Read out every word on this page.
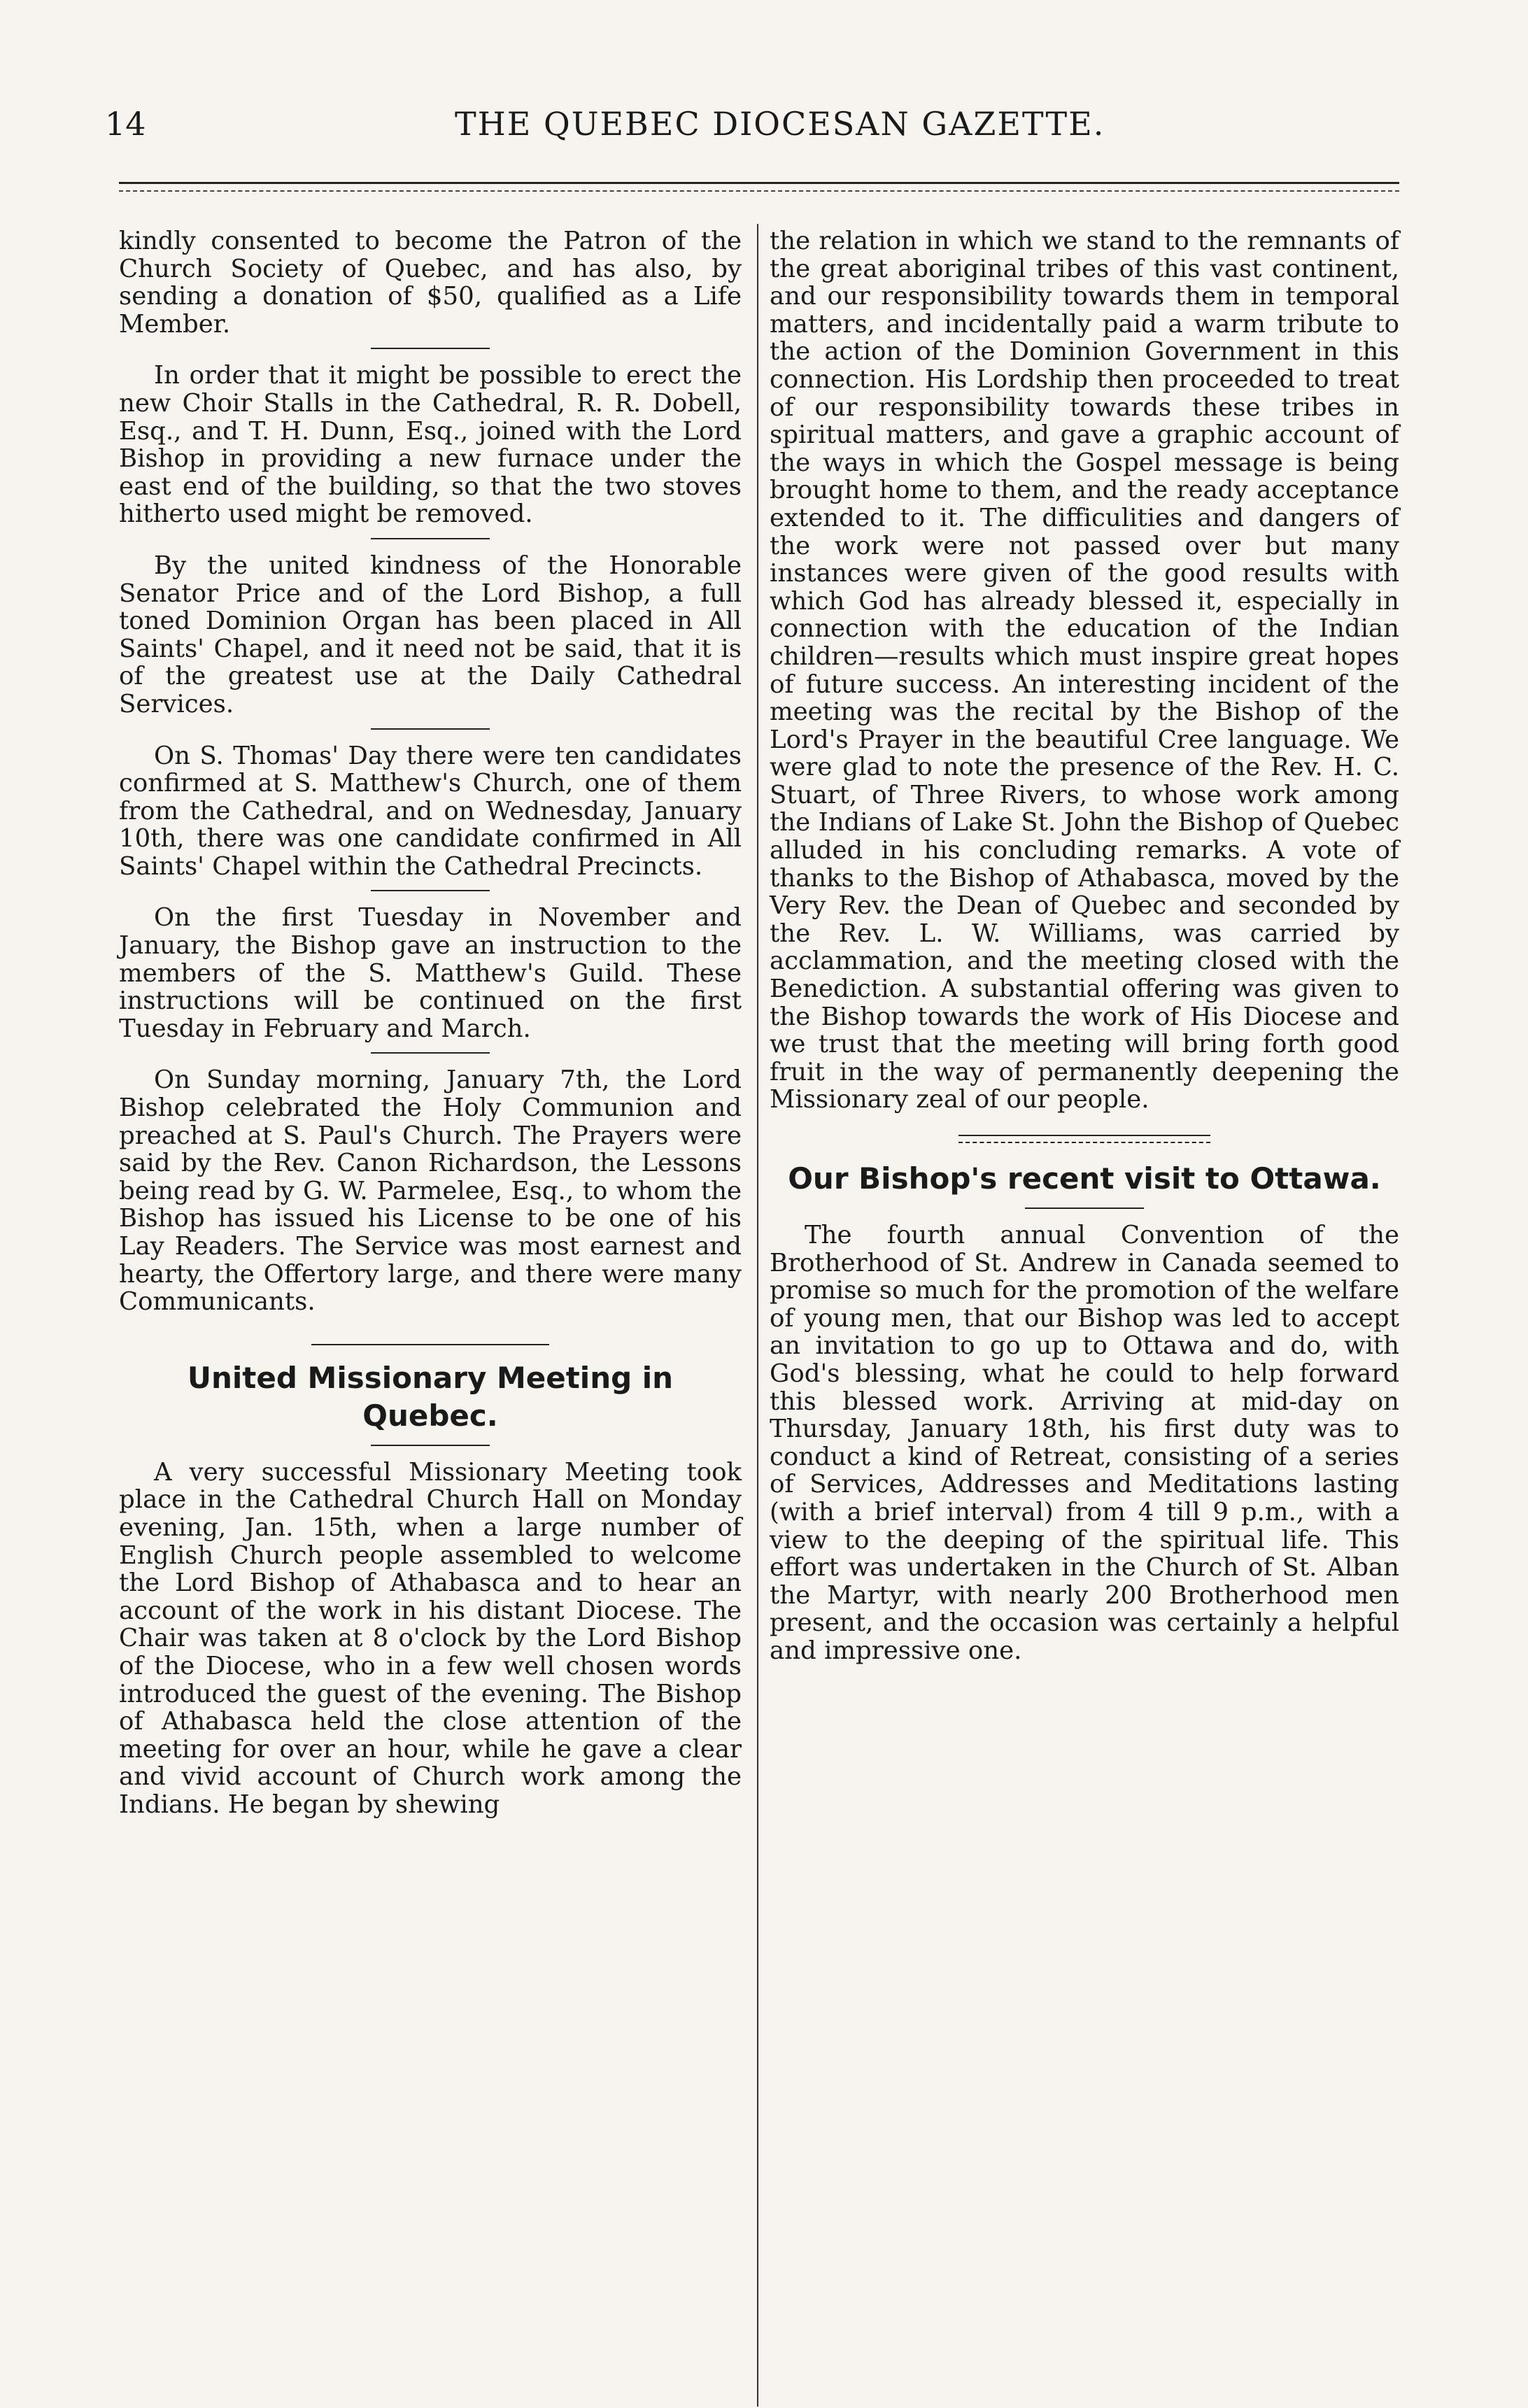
14	THE QUEBEC DIOCESAN GAZETTE.

kindly consented to become the Patron of the Church Society of Quebec, and has also, by sending a donation of $50, qualified as a Life Member.

In order that it might be possible to erect the new Choir Stalls in the Cathedral, R. R. Dobell, Esq., and T. H. Dunn, Esq., joined with the Lord Bishop in providing a new furnace under the east end of the building, so that the two stoves hitherto used might be removed.

By the united kindness of the Honorable Senator Price and of the Lord Bishop, a full toned Dominion Organ has been placed in All Saints' Chapel, and it need not be said, that it is of the greatest use at the Daily Cathedral Services.

On S. Thomas' Day there were ten candidates confirmed at S. Matthew's Church, one of them from the Cathedral, and on Wednesday, January 10th, there was one candidate confirmed in All Saints' Chapel within the Cathedral Precincts.

On the first Tuesday in November and January, the Bishop gave an instruction to the members of the S. Matthew's Guild. These instructions will be continued on the first Tuesday in February and March.

On Sunday morning, January 7th, the Lord Bishop celebrated the Holy Communion and preached at S. Paul's Church. The Prayers were said by the Rev. Canon Richardson, the Lessons being read by G. W. Parmelee, Esq., to whom the Bishop has issued his License to be one of his Lay Readers. The Service was most earnest and hearty, the Offertory large, and there were many Communicants.

United Missionary Meeting in Quebec.

A very successful Missionary Meeting took place in the Cathedral Church Hall on Monday evening, Jan. 15th, when a large number of English Church people assembled to welcome the Lord Bishop of Athabasca and to hear an account of the work in his distant Diocese. The Chair was taken at 8 o'clock by the Lord Bishop of the Diocese, who in a few well chosen words introduced the guest of the evening. The Bishop of Athabasca held the close attention of the meeting for over an hour, while he gave a clear and vivid account of Church work among the Indians. He began by shewing

the relation in which we stand to the remnants of the great aboriginal tribes of this vast continent, and our responsibility towards them in temporal matters, and incidentally paid a warm tribute to the action of the Dominion Government in this connection. His Lordship then proceeded to treat of our responsibility towards these tribes in spiritual matters, and gave a graphic account of the ways in which the Gospel message is being brought home to them, and the ready acceptance extended to it. The difficulities and dangers of the work were not passed over but many instances were given of the good results with which God has already blessed it, especially in connection with the education of the Indian children—results which must inspire great hopes of future success. An interesting incident of the meeting was the recital by the Bishop of the Lord's Prayer in the beautiful Cree language. We were glad to note the presence of the Rev. H. C. Stuart, of Three Rivers, to whose work among the Indians of Lake St. John the Bishop of Quebec alluded in his concluding remarks. A vote of thanks to the Bishop of Athabasca, moved by the Very Rev. the Dean of Quebec and seconded by the Rev. L. W. Williams, was carried by acclammation, and the meeting closed with the Benediction. A substantial offering was given to the Bishop towards the work of His Diocese and we trust that the meeting will bring forth good fruit in the way of permanently deepening the Missionary zeal of our people.

Our Bishop's recent visit to Ottawa.

The fourth annual Convention of the Brotherhood of St. Andrew in Canada seemed to promise so much for the promotion of the welfare of young men, that our Bishop was led to accept an invitation to go up to Ottawa and do, with God's blessing, what he could to help forward this blessed work. Arriving at mid-day on Thursday, January 18th, his first duty was to conduct a kind of Retreat, consisting of a series of Services, Addresses and Meditations lasting (with a brief interval) from 4 till 9 p.m., with a view to the deeping of the spiritual life. This effort was undertaken in the Church of St. Alban the Martyr, with nearly 200 Brotherhood men present, and the occasion was certainly a helpful and impressive one.
